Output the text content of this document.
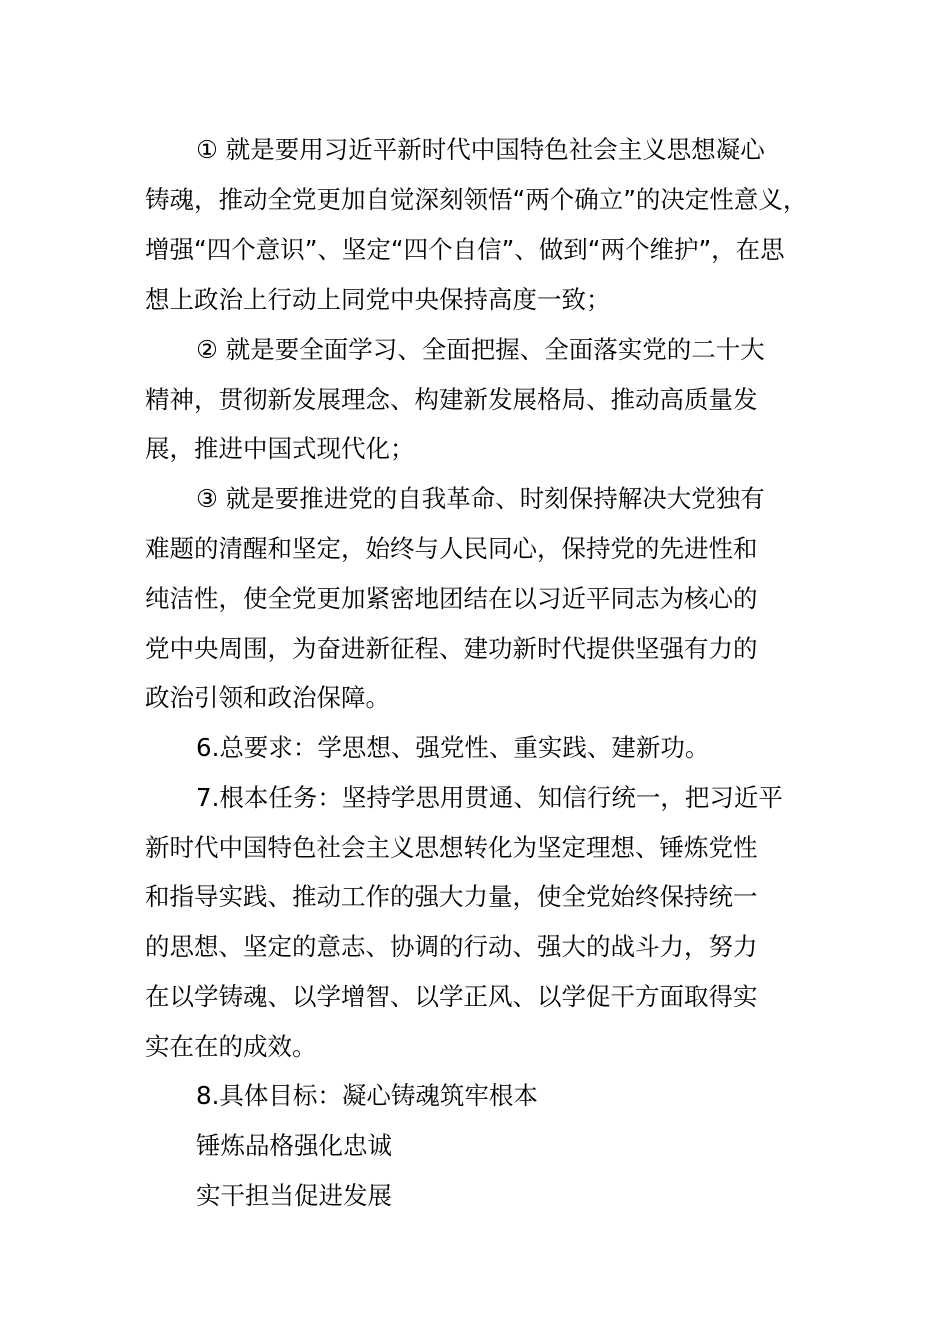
① 就是要用习近平新时代中国特色社会主义思想凝心

铸魂，推动全党更加自觉深刻领悟“两个确立”的决定性意义，

增强“四个意识”、坚定“四个自信”、做到“两个维护”，在思

想上政治上行动上同党中央保持高度一致；

② 就是要全面学习、全面把握、全面落实党的二十大

精神，贯彻新发展理念、构建新发展格局、推动高质量发

展，推进中国式现代化；

③ 就是要推进党的自我革命、时刻保持解决大党独有

难题的清醒和坚定，始终与人民同心，保持党的先进性和

纯洁性，使全党更加紧密地团结在以习近平同志为核心的

党中央周围，为奋进新征程、建功新时代提供坚强有力的

政治引领和政治保障。

6.总要求：学思想、强党性、重实践、建新功。

7.根本任务：坚持学思用贯通、知信行统一，把习近平

新时代中国特色社会主义思想转化为坚定理想、锤炼党性

和指导实践、推动工作的强大力量，使全党始终保持统一

的思想、坚定的意志、协调的行动、强大的战斗力，努力

在以学铸魂、以学增智、以学正风、以学促干方面取得实

实在在的成效。

8.具体目标：凝心铸魂筑牢根本

锤炼品格强化忠诚

实干担当促进发展
